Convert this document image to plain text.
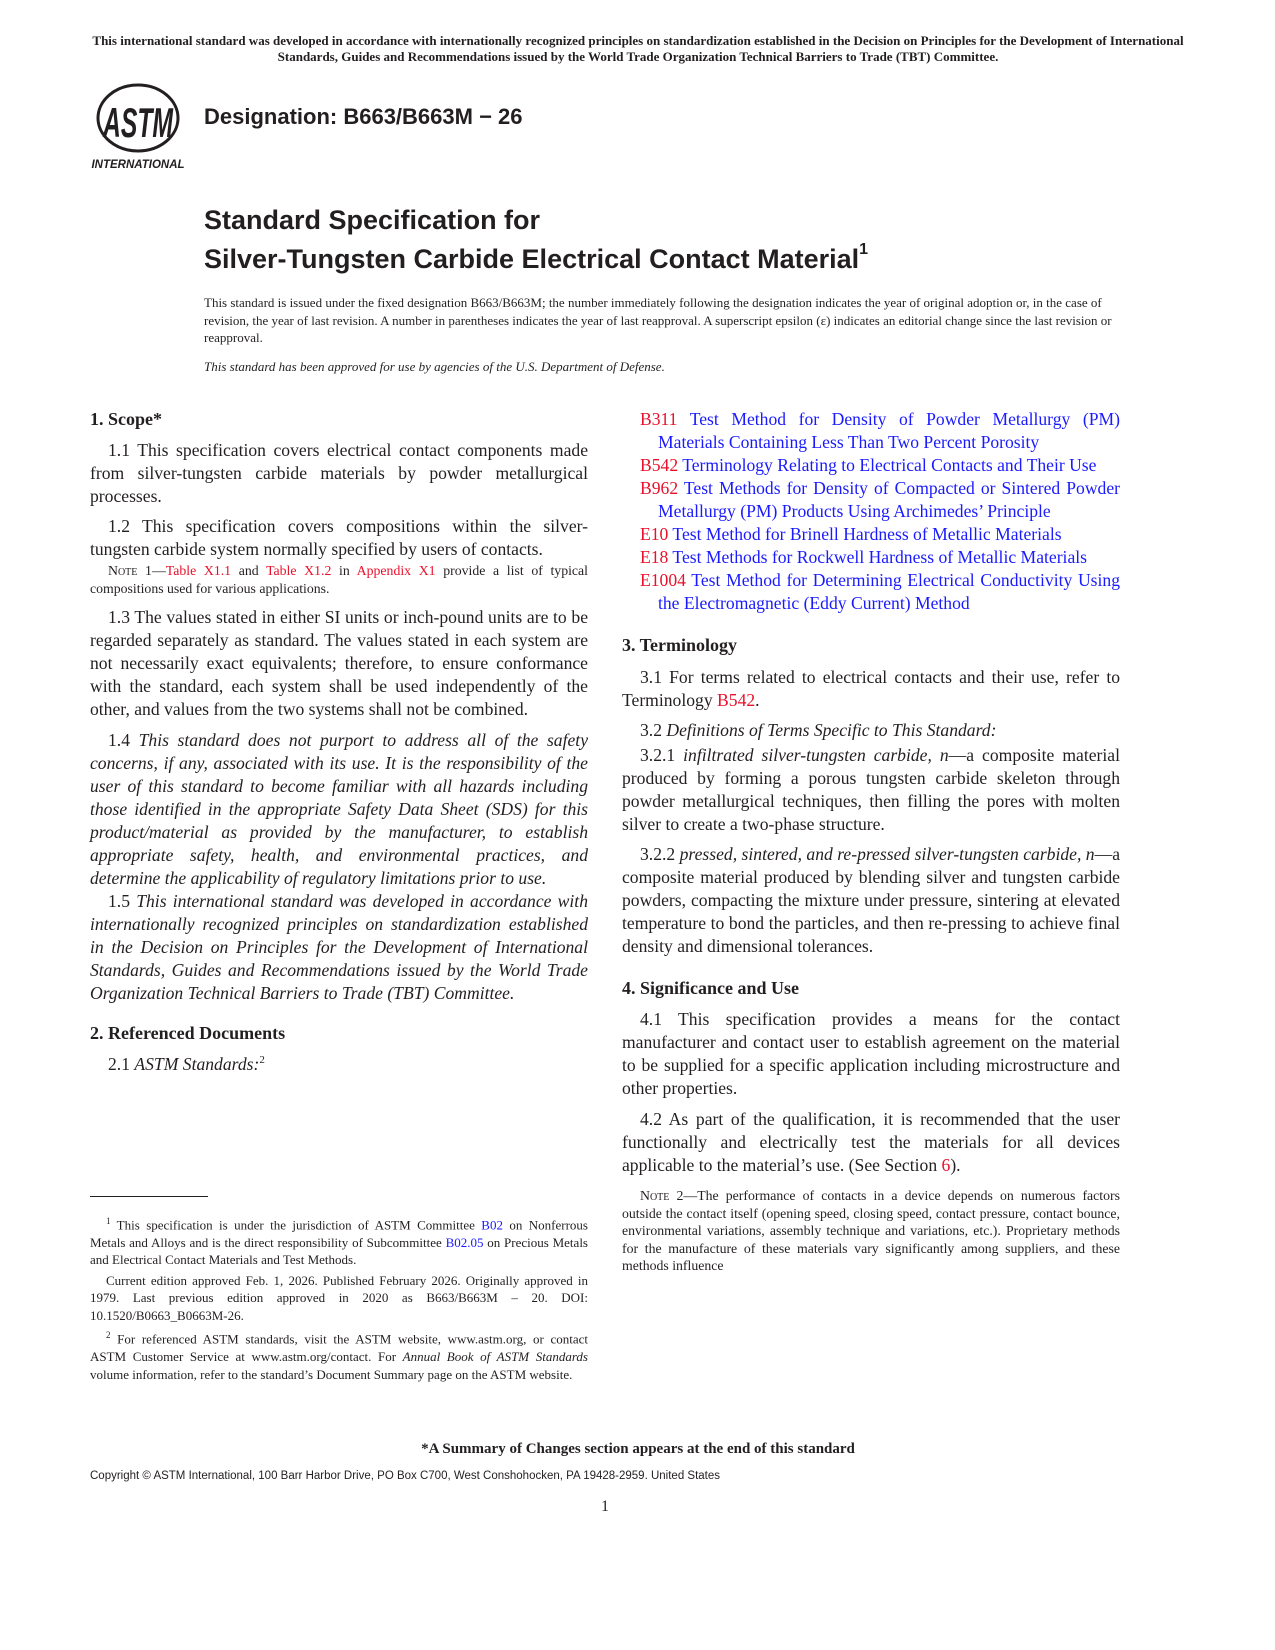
This international standard was developed in accordance with internationally recognized principles on standardization established in the Decision on Principles for the Development of International Standards, Guides and Recommendations issued by the World Trade Organization Technical Barriers to Trade (TBT) Committee.
ASTM
INTERNATIONAL
Designation: B663/B663M − 26
Standard Specification for
Silver-Tungsten Carbide Electrical Contact Material$^1$
This standard is issued under the fixed designation B663/B663M; the number immediately following the designation indicates the year of original adoption or, in the case of revision, the year of last revision. A number in parentheses indicates the year of last reapproval. A superscript epsilon (ε) indicates an editorial change since the last revision or reapproval.
This standard has been approved for use by agencies of the U.S. Department of Defense.

1. Scope*

1.1 This specification covers electrical contact components made from silver-tungsten carbide materials by powder metallurgical processes.

1.2 This specification covers compositions within the silver-tungsten carbide system normally specified by users of contacts.

Note 1—Table X1.1 and Table X1.2 in Appendix X1 provide a list of typical compositions used for various applications.

1.3 The values stated in either SI units or inch-pound units are to be regarded separately as standard. The values stated in each system are not necessarily exact equivalents; therefore, to ensure conformance with the standard, each system shall be used independently of the other, and values from the two systems shall not be combined.

1.4 This standard does not purport to address all of the safety concerns, if any, associated with its use. It is the responsibility of the user of this standard to become familiar with all hazards including those identified in the appropriate Safety Data Sheet (SDS) for this product/material as provided by the manufacturer, to establish appropriate safety, health, and environmental practices, and determine the applicability of regulatory limitations prior to use.

1.5 This international standard was developed in accordance with internationally recognized principles on standardization established in the Decision on Principles for the Development of International Standards, Guides and Recommendations issued by the World Trade Organization Technical Barriers to Trade (TBT) Committee.

2. Referenced Documents

2.1 ASTM Standards:$^2$

$^1$ This specification is under the jurisdiction of ASTM Committee B02 on Nonferrous Metals and Alloys and is the direct responsibility of Subcommittee B02.05 on Precious Metals and Electrical Contact Materials and Test Methods.

Current edition approved Feb. 1, 2026. Published February 2026. Originally approved in 1979. Last previous edition approved in 2020 as B663/B663M – 20. DOI: 10.1520/B0663_B0663M-26.

$^2$ For referenced ASTM standards, visit the ASTM website, www.astm.org, or contact ASTM Customer Service at www.astm.org/contact. For Annual Book of ASTM Standards volume information, refer to the standard’s Document Summary page on the ASTM website.

B311 Test Method for Density of Powder Metallurgy (PM) Materials Containing Less Than Two Percent Porosity

B542 Terminology Relating to Electrical Contacts and Their Use

B962 Test Methods for Density of Compacted or Sintered Powder Metallurgy (PM) Products Using Archimedes’ Principle

E10 Test Method for Brinell Hardness of Metallic Materials

E18 Test Methods for Rockwell Hardness of Metallic Materials

E1004 Test Method for Determining Electrical Conductivity Using the Electromagnetic (Eddy Current) Method

3. Terminology

3.1 For terms related to electrical contacts and their use, refer to Terminology B542.

3.2 Definitions of Terms Specific to This Standard:

3.2.1 infiltrated silver-tungsten carbide, n—a composite material produced by forming a porous tungsten carbide skeleton through powder metallurgical techniques, then filling the pores with molten silver to create a two-phase structure.

3.2.2 pressed, sintered, and re-pressed silver-tungsten carbide, n—a composite material produced by blending silver and tungsten carbide powders, compacting the mixture under pressure, sintering at elevated temperature to bond the particles, and then re-pressing to achieve final density and dimensional tolerances.

4. Significance and Use

4.1 This specification provides a means for the contact manufacturer and contact user to establish agreement on the material to be supplied for a specific application including microstructure and other properties.

4.2 As part of the qualification, it is recommended that the user functionally and electrically test the materials for all devices applicable to the material’s use. (See Section 6).

Note 2—The performance of contacts in a device depends on numerous factors outside the contact itself (opening speed, closing speed, contact pressure, contact bounce, environmental variations, assembly technique and variations, etc.). Proprietary methods for the manufacture of these materials vary significantly among suppliers, and these methods influence

*A Summary of Changes section appears at the end of this standard
Copyright © ASTM International, 100 Barr Harbor Drive, PO Box C700, West Conshohocken, PA 19428-2959. United States
1
